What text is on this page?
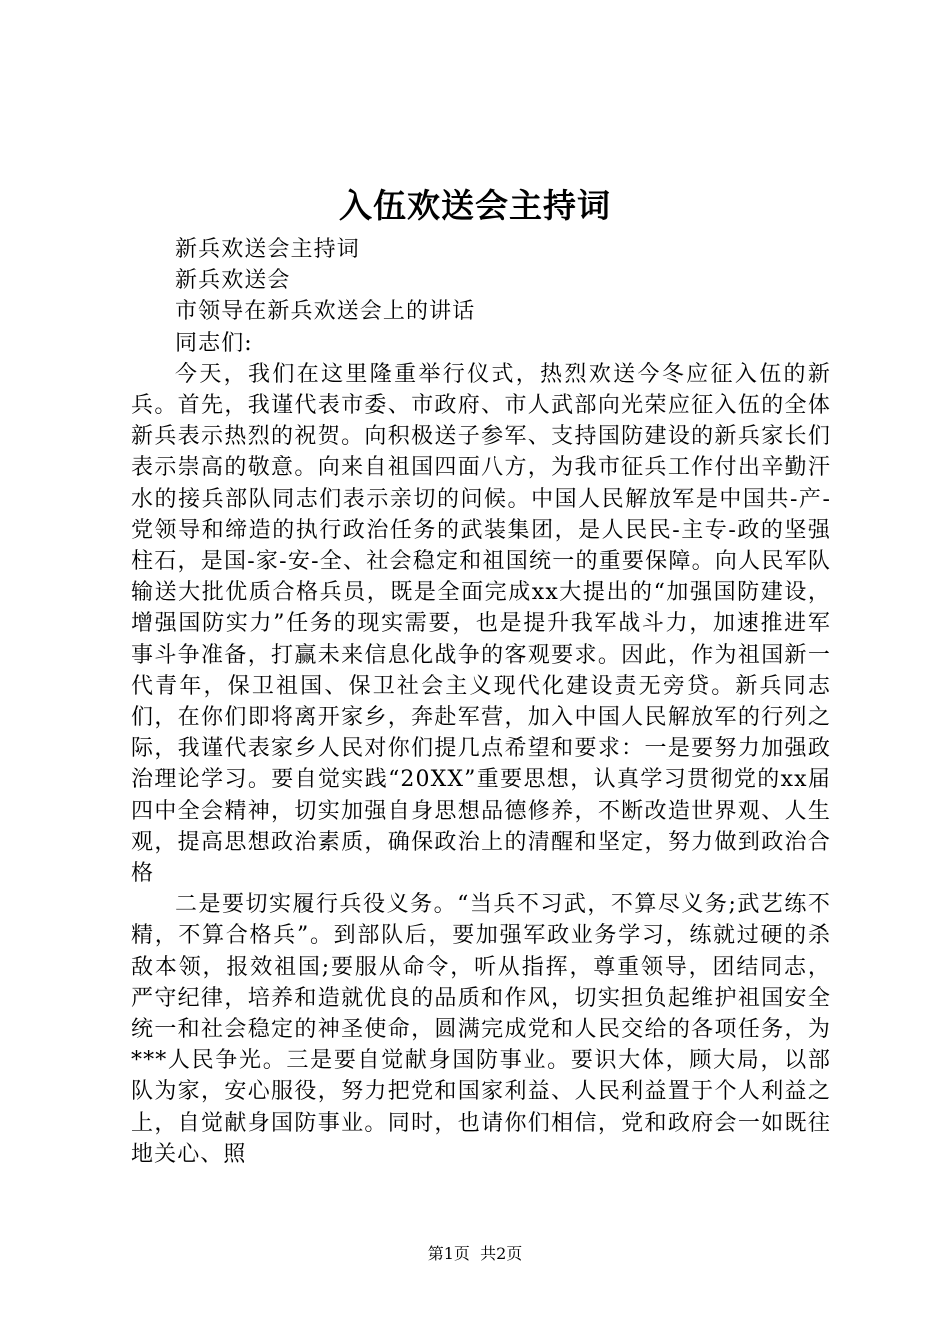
入伍欢送会主持词

新兵欢送会主持词

新兵欢送会

市领导在新兵欢送会上的讲话

同志们:

今天，我们在这里隆重举行仪式，热烈欢送今冬应征入伍的新兵。首先，我谨代表市委、市政府、市人武部向光荣应征入伍的全体新兵表示热烈的祝贺。向积极送子参军、支持国防建设的新兵家长们表示崇高的敬意。向来自祖国四面八方，为我市征兵工作付出辛勤汗水的接兵部队同志们表示亲切的问候。中国人民解放军是中国共-产-党领导和缔造的执行政治任务的武装集团，是人民民-主专-政的坚强柱石，是国-家-安-全、社会稳定和祖国统一的重要保障。向人民军队输送大批优质合格兵员，既是全面完成xx大提出的“加强国防建设，增强国防实力”任务的现实需要，也是提升我军战斗力，加速推进军事斗争准备，打赢未来信息化战争的客观要求。因此，作为祖国新一代青年，保卫祖国、保卫社会主义现代化建设责无旁贷。新兵同志们，在你们即将离开家乡，奔赴军营，加入中国人民解放军的行列之际，我谨代表家乡人民对你们提几点希望和要求：一是要努力加强政治理论学习。要自觉实践“20XX”重要思想，认真学习贯彻党的xx届四中全会精神，切实加强自身思想品德修养，不断改造世界观、人生观，提高思想政治素质，确保政治上的清醒和坚定，努力做到政治合格

二是要切实履行兵役义务。“当兵不习武，不算尽义务;武艺练不精，不算合格兵”。到部队后，要加强军政业务学习，练就过硬的杀敌本领，报效祖国;要服从命令，听从指挥，尊重领导，团结同志，严守纪律，培养和造就优良的品质和作风，切实担负起维护祖国安全统一和社会稳定的神圣使命，圆满完成党和人民交给的各项任务，为***人民争光。三是要自觉献身国防事业。要识大体，顾大局，以部队为家，安心服役，努力把党和国家利益、人民利益置于个人利益之上，自觉献身国防事业。同时，也请你们相信，党和政府会一如既往地关心、照

第1页 共2页
